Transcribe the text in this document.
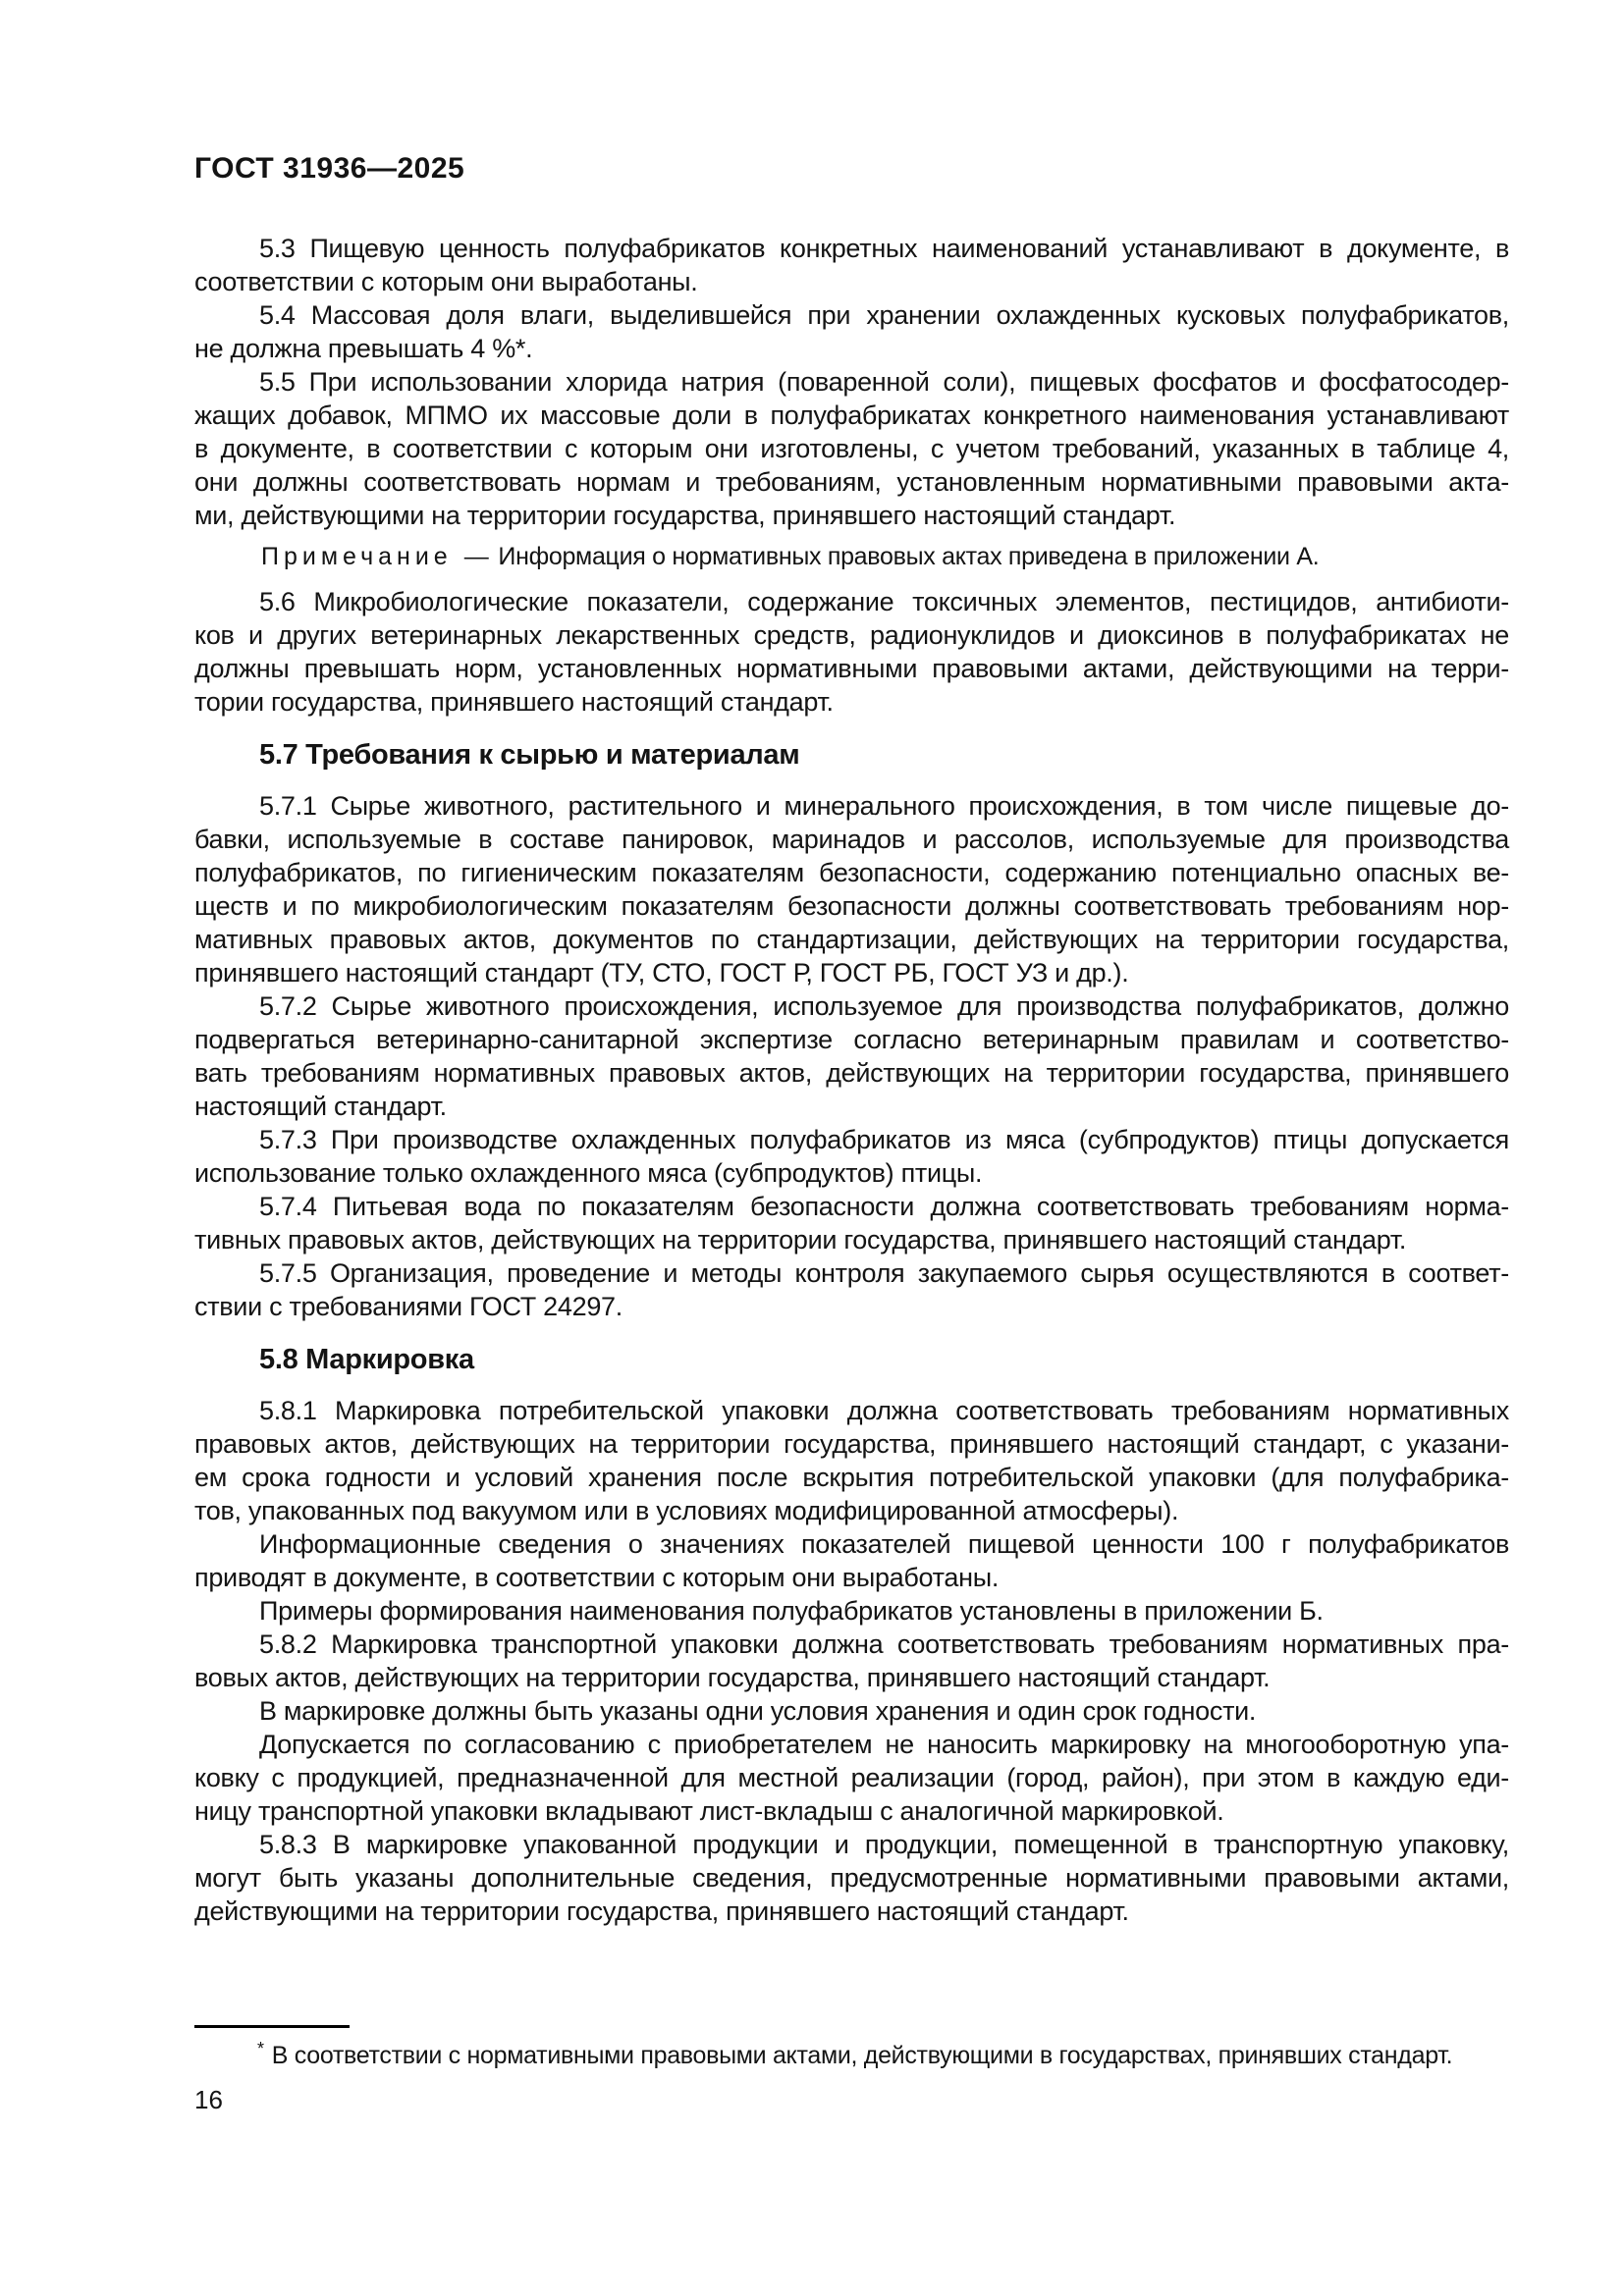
ГОСТ 31936—2025
5.3 Пищевую ценность полуфабрикатов конкретных наименований устанавливают в документе, в
соответствии с которым они выработаны.
5.4 Массовая доля влаги, выделившейся при хранении охлажденных кусковых полуфабрикатов,
не должна превышать 4 %*.
5.5 При использовании хлорида натрия (поваренной соли), пищевых фосфатов и фосфатосодер-
жащих добавок, МПМО их массовые доли в полуфабрикатах конкретного наименования устанавливают
в документе, в соответствии с которым они изготовлены, с учетом требований, указанных в таблице 4,
они должны соответствовать нормам и требованиям, установленным нормативными правовыми акта-
ми, действующими на территории государства, принявшего настоящий стандарт.
Примечание — Информация о нормативных правовых актах приведена в приложении А.
5.6 Микробиологические показатели, содержание токсичных элементов, пестицидов, антибиоти-
ков и других ветеринарных лекарственных средств, радионуклидов и диоксинов в полуфабрикатах не
должны превышать норм, установленных нормативными правовыми актами, действующими на терри-
тории государства, принявшего настоящий стандарт.
5.7 Требования к сырью и материалам
5.7.1 Сырье животного, растительного и минерального происхождения, в том числе пищевые до-
бавки, используемые в составе панировок, маринадов и рассолов, используемые для производства
полуфабрикатов, по гигиеническим показателям безопасности, содержанию потенциально опасных ве-
ществ и по микробиологическим показателям безопасности должны соответствовать требованиям нор-
мативных правовых актов, документов по стандартизации, действующих на территории государства,
принявшего настоящий стандарт (ТУ, СТО, ГОСТ Р, ГОСТ РБ, ГОСТ УЗ и др.).
5.7.2 Сырье животного происхождения, используемое для производства полуфабрикатов, должно
подвергаться ветеринарно-санитарной экспертизе согласно ветеринарным правилам и соответство-
вать требованиям нормативных правовых актов, действующих на территории государства, принявшего
настоящий стандарт.
5.7.3 При производстве охлажденных полуфабрикатов из мяса (субпродуктов) птицы допускается
использование только охлажденного мяса (субпродуктов) птицы.
5.7.4 Питьевая вода по показателям безопасности должна соответствовать требованиям норма-
тивных правовых актов, действующих на территории государства, принявшего настоящий стандарт.
5.7.5 Организация, проведение и методы контроля закупаемого сырья осуществляются в соответ-
ствии с требованиями ГОСТ 24297.
5.8 Маркировка
5.8.1 Маркировка потребительской упаковки должна соответствовать требованиям нормативных
правовых актов, действующих на территории государства, принявшего настоящий стандарт, с указани-
ем срока годности и условий хранения после вскрытия потребительской упаковки (для полуфабрика-
тов, упакованных под вакуумом или в условиях модифицированной атмосферы).
Информационные сведения о значениях показателей пищевой ценности 100 г полуфабрикатов
приводят в документе, в соответствии с которым они выработаны.
Примеры формирования наименования полуфабрикатов установлены в приложении Б.
5.8.2 Маркировка транспортной упаковки должна соответствовать требованиям нормативных пра-
вовых актов, действующих на территории государства, принявшего настоящий стандарт.
В маркировке должны быть указаны одни условия хранения и один срок годности.
Допускается по согласованию с приобретателем не наносить маркировку на многооборотную упа-
ковку с продукцией, предназначенной для местной реализации (город, район), при этом в каждую еди-
ницу транспортной упаковки вкладывают лист-вкладыш с аналогичной маркировкой.
5.8.3 В маркировке упакованной продукции и продукции, помещенной в транспортную упаковку,
могут быть указаны дополнительные сведения, предусмотренные нормативными правовыми актами,
действующими на территории государства, принявшего настоящий стандарт.
* В соответствии с нормативными правовыми актами, действующими в государствах, принявших стандарт.
16
